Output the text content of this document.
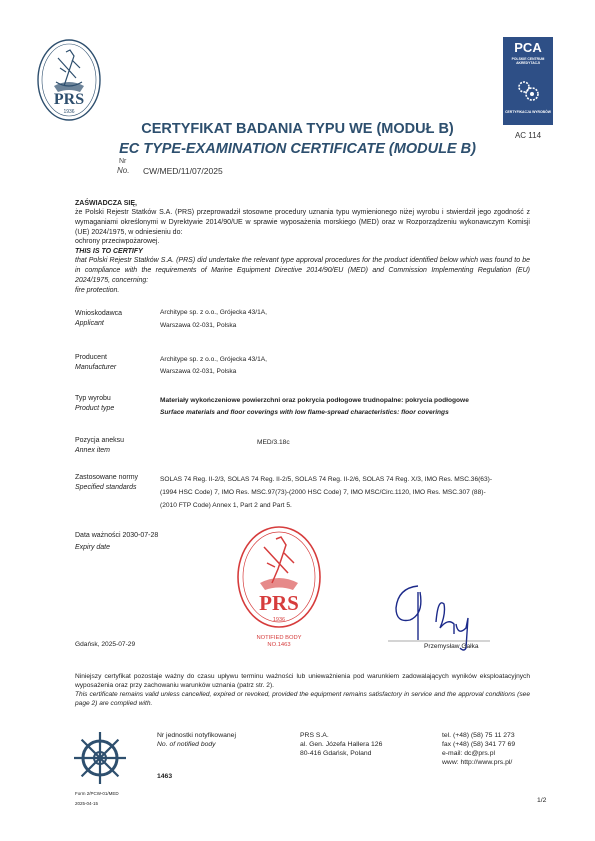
PRS
1936
PCA
POLSKIE CENTRUM AKREDYTACJI
CERTYFIKACJA WYROBÓW
AC 114
CERTYFIKAT BADANIA TYPU WE (MODUŁ B)
EC TYPE-EXAMINATION CERTIFICATE (MODULE B)
Nr
No. CW/MED/11/07/2025
ZAŚWIADCZA SIĘ,
że Polski Rejestr Statków S.A. (PRS) przeprowadził stosowne procedury uznania typu wymienionego niżej wyrobu i stwierdził jego zgodność z wymaganiami określonymi w Dyrektywie 2014/90/UE w sprawie wyposażenia morskiego (MED) oraz w Rozporządzeniu wykonawczym Komisji (UE) 2024/1975, w odniesieniu do:
ochrony przeciwpożarowej.
THIS IS TO CERTIFY
that Polski Rejestr Statków S.A. (PRS) did undertake the relevant type approval procedures for the product identified below which was found to be in compliance with the requirements of Marine Equipment Directive 2014/90/EU (MED) and Commission Implementing Regulation (EU) 2024/1975, concerning:
fire protection.
Wnioskodawca
Applicant
Architype sp. z o.o., Grójecka 43/1A,
Warszawa 02-031, Polska
Producent
Manufacturer
Architype sp. z o.o., Grójecka 43/1A,
Warszawa 02-031, Polska
Typ wyrobu
Product type
Materiały wykończeniowe powierzchni oraz pokrycia podłogowe trudnopalne: pokrycia podłogowe
Surface materials and floor coverings with low flame-spread characteristics: floor coverings
Pozycja aneksu
Annex item
MED/3.18c
Zastosowane normy
Specified standards
SOLAS 74 Reg. II-2/3, SOLAS 74 Reg. II-2/5, SOLAS 74 Reg. II-2/6, SOLAS 74 Reg. X/3, IMO Res. MSC.36(63)-
(1994 HSC Code) 7, IMO Res. MSC.97(73)-(2000 HSC Code) 7, IMO MSC/Circ.1120, IMO Res. MSC.307 (88)-
(2010 FTP Code) Annex 1, Part 2 and Part 5.
Data ważności 2030-07-28
Expiry date
PRS
1936
NOTIFIED BODY
NO.1463
Gdańsk, 2025-07-29	Przemysław Gałka
Niniejszy certyfikat pozostaje ważny do czasu upływu terminu ważności lub unieważnienia pod warunkiem zadowalających wyników eksploatacyjnych wyposażenia oraz przy zachowaniu warunków uznania (patrz str. 2).
This certificate remains valid unless cancelled, expired or revoked, provided the equipment remains satisfactory in service and the approval conditions (see page 2) are complied with.
Nr jednostki notyfikowanej
No. of notified body
1463
PRS S.A.
al. Gen. Józefa Hallera 126
80-416 Gdańsk, Poland
tel. (+48) (58) 75 11 273
fax (+48) (58) 341 77 69
e-mail: dc@prs.pl
www: http://www.prs.pl/
Form 2/PCW-01/MED
2025-04-15	1/2
